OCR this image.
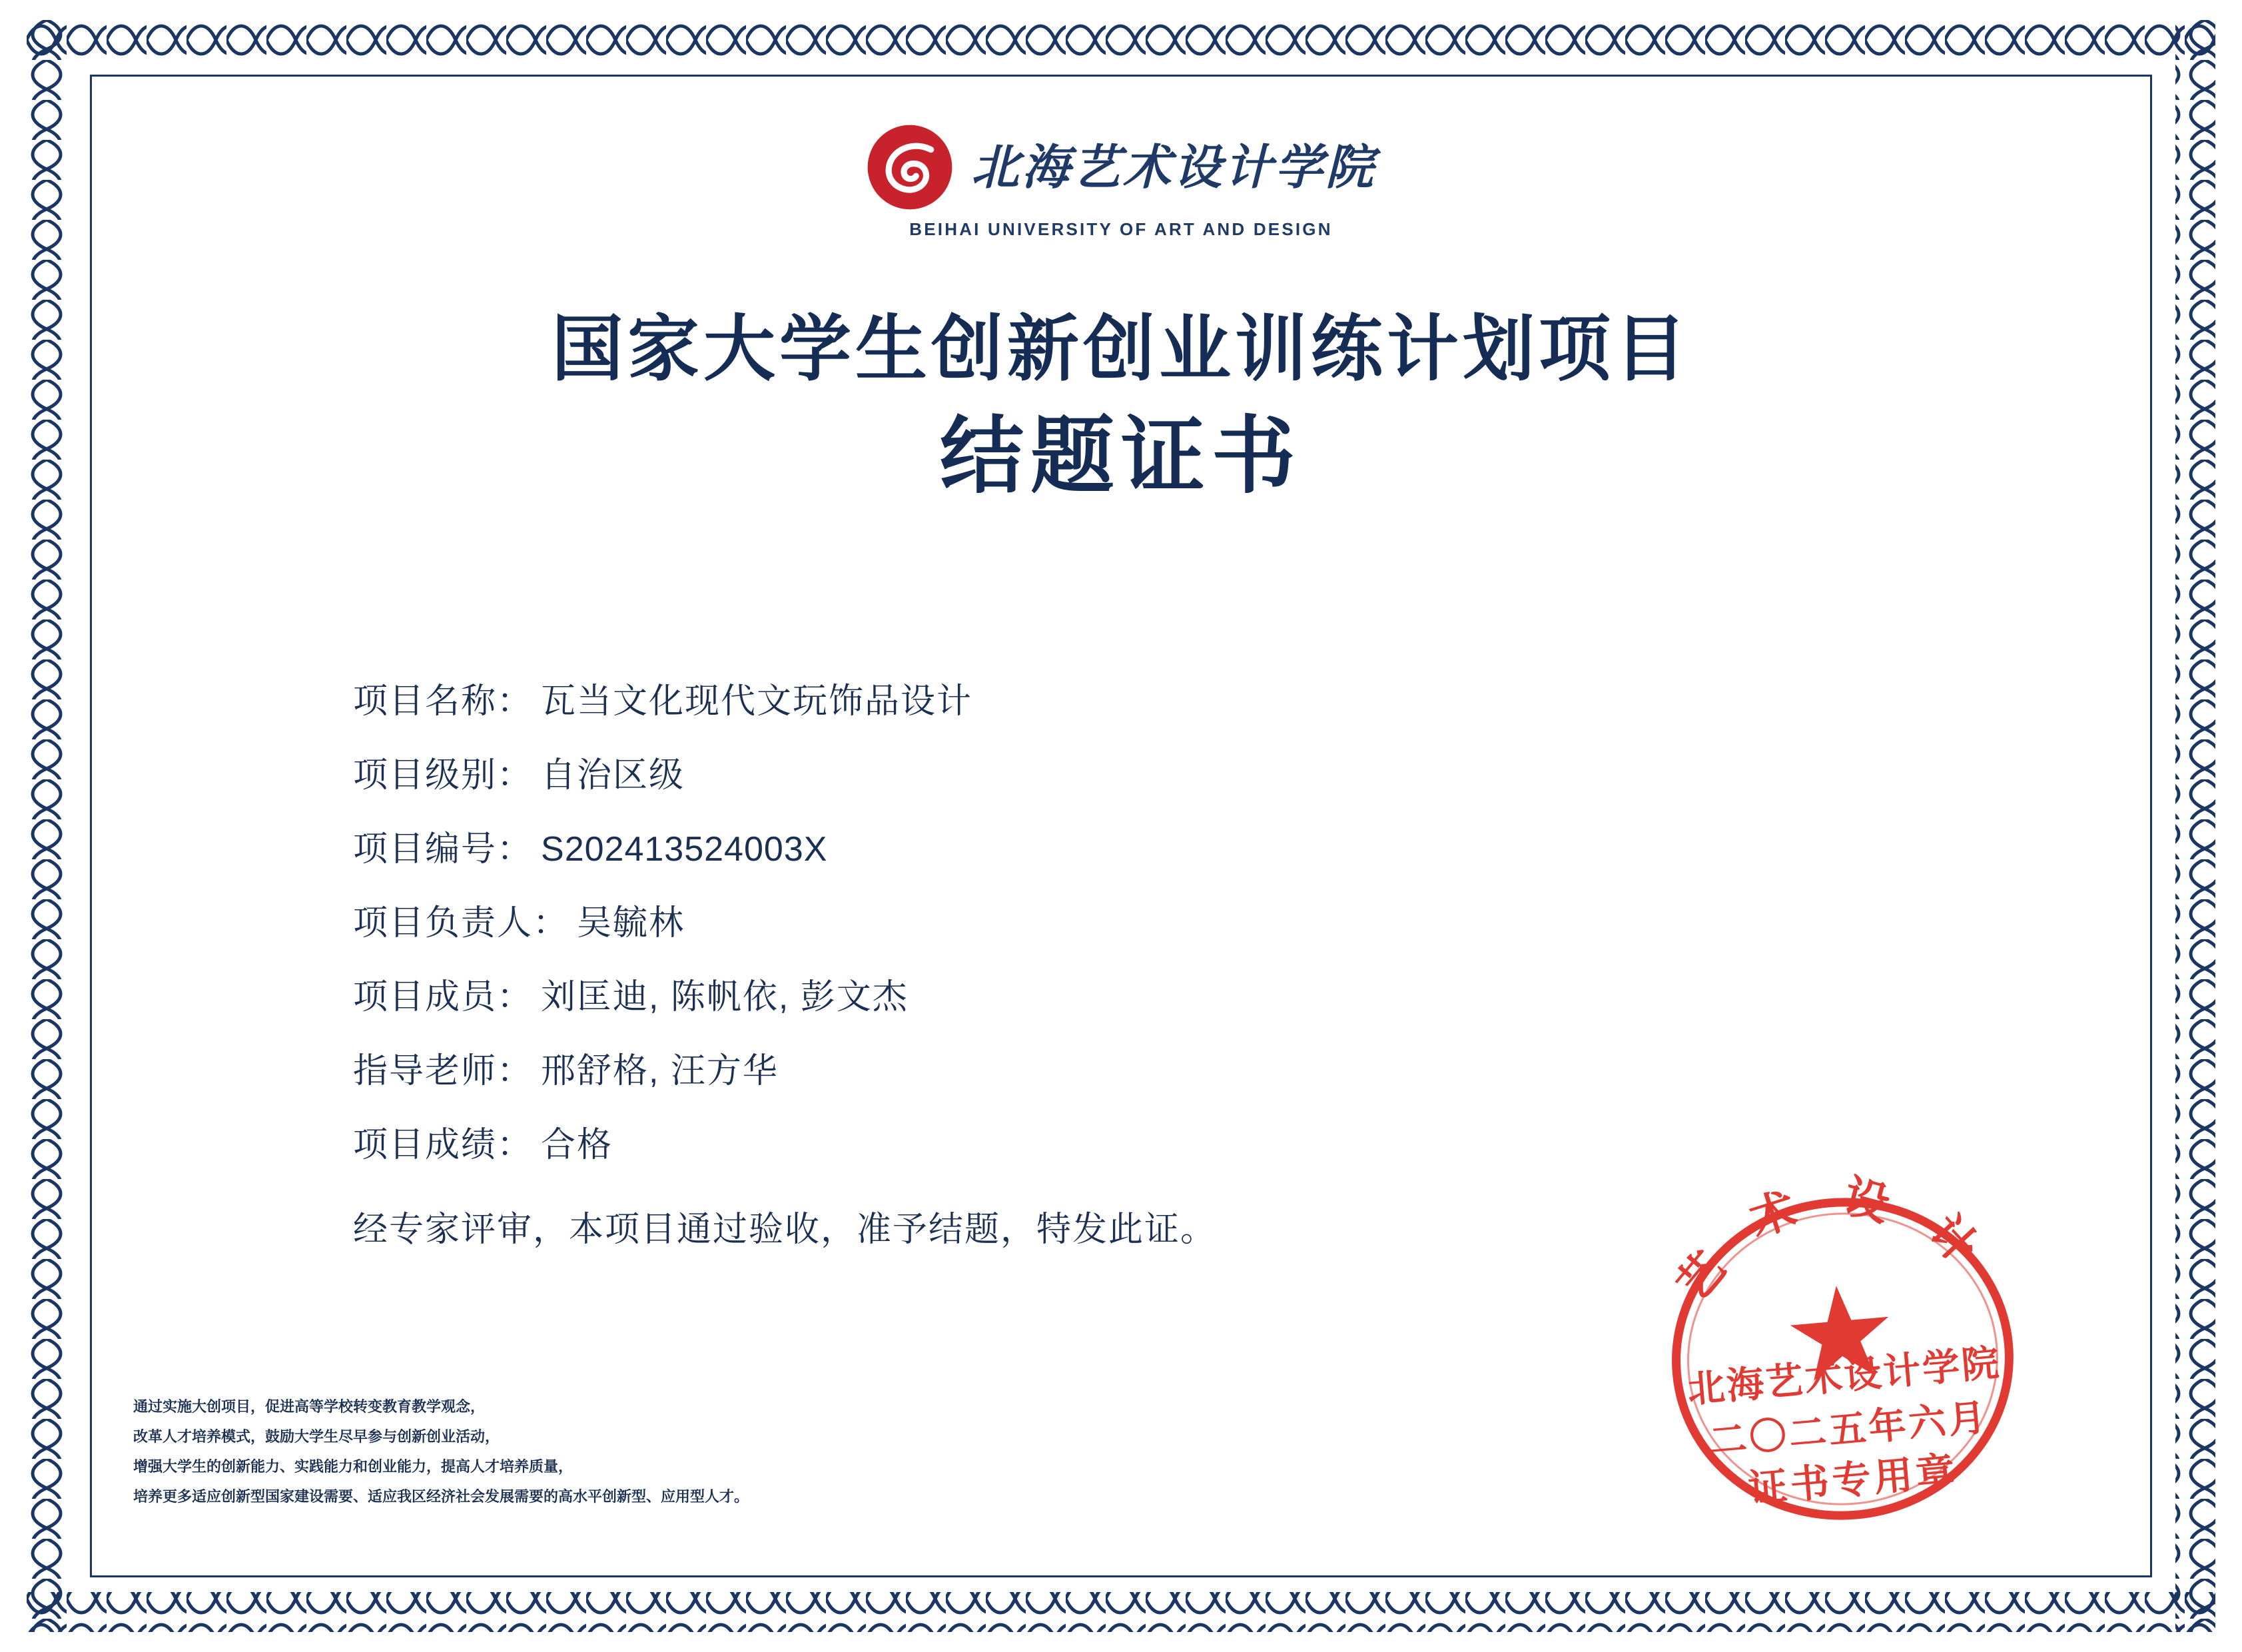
北海艺术设计学院
BEIHAI UNIVERSITY OF ART AND DESIGN
国家大学生创新创业训练计划项目
结题证书
项目名称： 瓦当文化现代文玩饰品设计
项目级别： 自治区级
项目编号： S202413524003X
项目负责人： 吴毓林
项目成员： 刘匡迪, 陈帆依, 彭文杰
指导老师： 邢舒格, 汪方华
项目成绩： 合格
经专家评审，本项目通过验收，准予结题，特发此证。
通过实施大创项目，促进高等学校转变教育教学观念，
改革人才培养模式，鼓励大学生尽早参与创新创业活动，
增强大学生的创新能力、实践能力和创业能力，提高人才培养质量，
培养更多适应创新型国家建设需要、适应我区经济社会发展需要的高水平创新型、应用型人才。
艺术设计
北海艺术设计学院
二〇二五年六月
证书专用章
